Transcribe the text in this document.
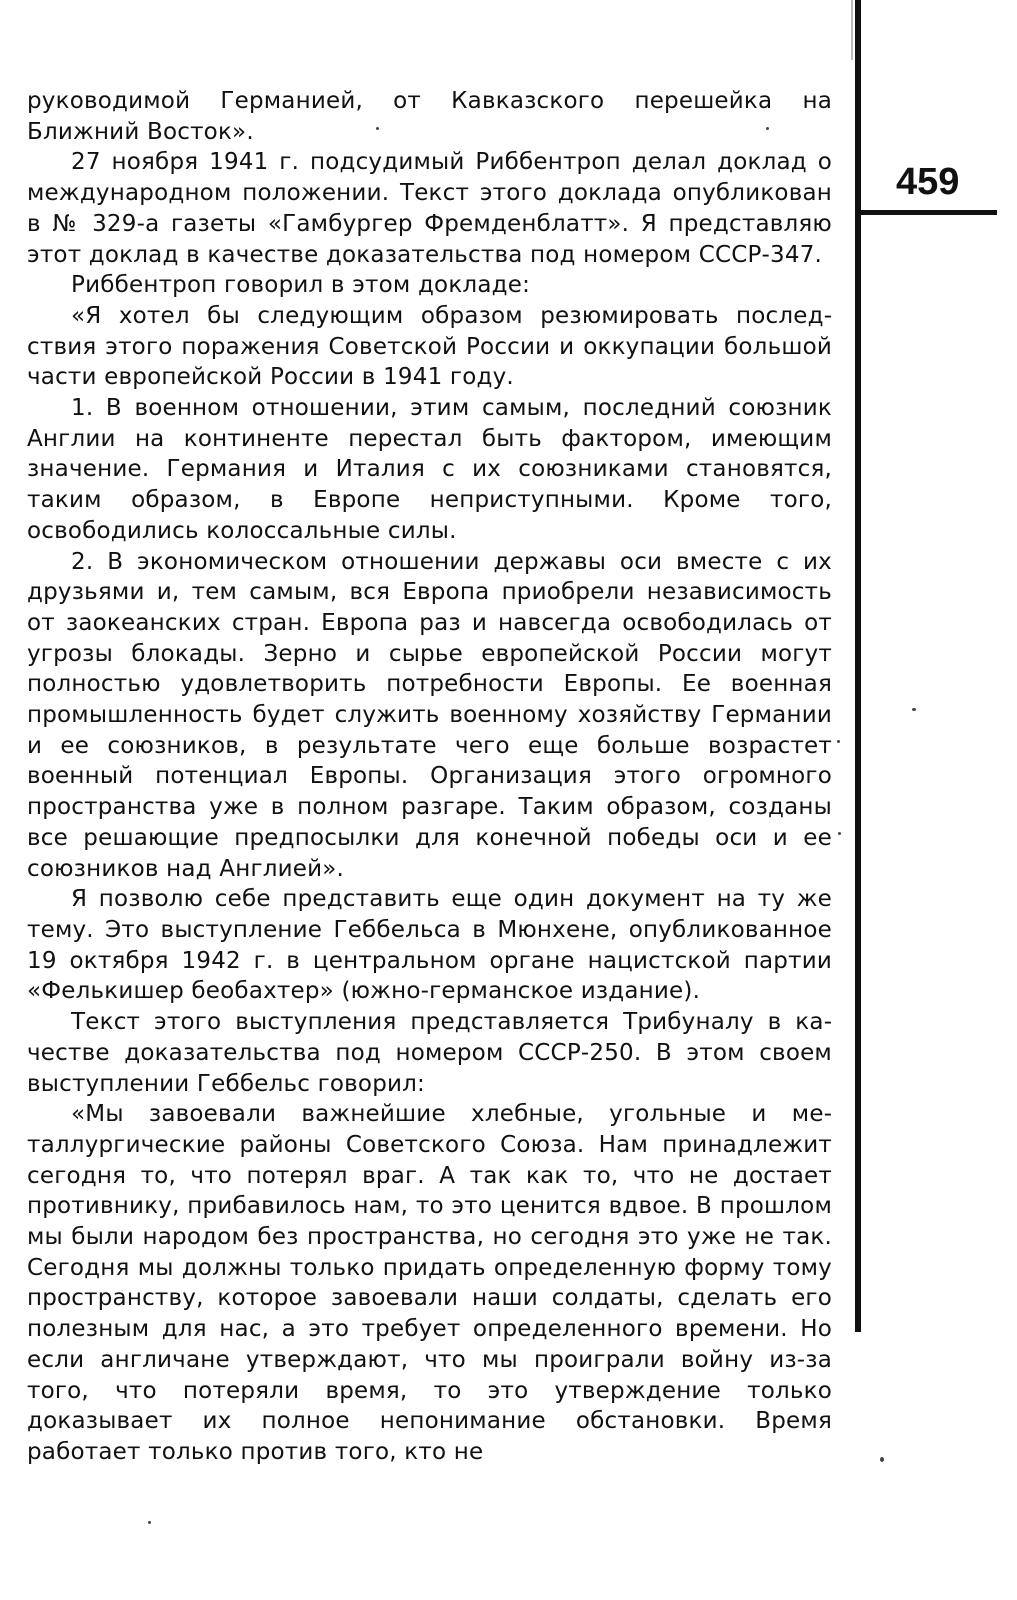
руководимой Германией, от Кавказского перешейка на Ближний Восток».

27 ноября 1941 г. подсудимый Риббентроп делал доклад о международном положении. Текст этого доклада опубликован в № 329-а газеты «Гамбургер Фремденблатт». Я представляю этот доклад в качестве доказательства под номером СССР-347.

Риббентроп говорил в этом докладе:

«Я хотел бы следующим образом резюмировать последствия этого поражения Советской России и оккупации большой части европейской России в 1941 году.

1. В военном отношении, этим самым, последний союзник Англии на континенте перестал быть фактором, имеющим значение. Германия и Италия с их союзниками становятся, таким образом, в Европе неприступными. Кроме того, освободились колоссальные силы.

2. В экономическом отношении державы оси вместе с их друзьями и, тем самым, вся Европа приобрели независимость от заокеанских стран. Европа раз и навсегда освободилась от угрозы блокады. Зерно и сырье европейской России могут полностью удовлетворить потребности Европы. Ее военная промышленность будет служить военному хозяйству Германии и ее союзников, в результате чего еще больше возрастет военный потенциал Европы. Организация этого огромного пространства уже в полном разгаре. Таким образом, созданы все решающие предпосылки для конечной победы оси и ее союзников над Англией».

Я позволю себе представить еще один документ на ту же тему. Это выступление Геббельса в Мюнхене, опубликованное 19 октября 1942 г. в центральном органе нацистской партии «Фелькишер беобахтер» (южно-германское издание).

Текст этого выступления представляется Трибуналу в качестве доказательства под номером СССР-250. В этом своем выступлении Геббельс говорил:

«Мы завоевали важнейшие хлебные, угольные и металлургические районы Советского Союза. Нам принадлежит сегодня то, что потерял враг. А так как то, что не достает противнику, прибавилось нам, то это ценится вдвое. В прошлом мы были народом без пространства, но сегодня это уже не так. Сегодня мы должны только придать определенную форму тому пространству, которое завоевали наши солдаты, сделать его полезным для нас, а это требует определенного времени. Но если англичане утверждают, что мы проиграли войну из-за того, что потеряли время, то это утверждение только доказывает их полное непонимание обстановки. Время работает только против того, кто не

459
